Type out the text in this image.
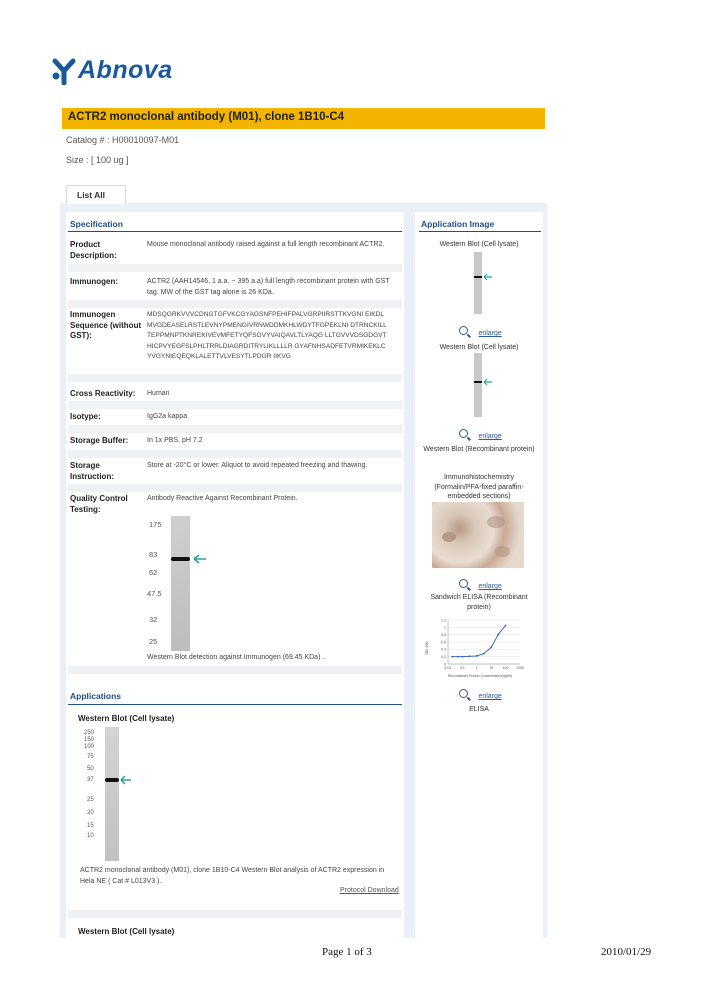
Abnova
ACTR2 monoclonal antibody (M01), clone 1B10-C4
Catalog # : H00010097-M01
Size : [ 100 ug ]
List All
Specification
Product Description:
Mouse monoclonal antibody raised against a full length recombinant ACTR2.
Immunogen:	ACTR2 (AAH14546, 1 a.a. ~ 395 a.a) full length recombinant protein with GST tag. MW of the GST tag alone is 26 KDa.
Immunogen Sequence (without GST):
MDSQGRKVVVCDNGTGFVKCGYAGSNFPEHIFPALVGRPIIRSTTKVGNI EIKDLMVGDEASELRSTLEVNYPMENGIVRNWDDMKHLWDYTFGPEKLNI DTRNCKILLTEPPMNPTKNREKIVEVMFETYQFSGVYVAIQAVLTLYAQG LLTGVVVDSGDGVTHICPVYEGFSLPHLTRRLDIAGRDITRYLIKLLLLR GYAFNHSADFETVRMIKEKLCYVGYNIEQEQKLALETTVLVESYTLPDGR IIKVG
Cross Reactivity:	Human
Isotype:	IgG2a kappa
Storage Buffer:	In 1x PBS, pH 7.2
Storage Instruction:
Store at -20°C or lower. Aliquot to avoid repeated freezing and thawing.
Quality Control Testing:
Antibody Reactive Against Recombinant Protein.
175
83
62
47.5
32
25
Western Blot detection against Immunogen (69.45 KDa) .
Applications
Western Blot (Cell lysate)
250
150
100
75
50
37
25
20
15
10
ACTR2 monoclonal antibody (M01), clone 1B10-C4 Western Blot analysis of ACTR2 expression in Hela NE ( Cat # L013V3 ).
Protocol Download
Western Blot (Cell lysate)
Application Image
Western Blot (Cell lysate)
enlarge
Western Blot (Cell lysate)
enlarge
Western Blot (Recombinant protein)
Immunohistochemistry (Formalin/PFA-fixed paraffin-embedded sections)
enlarge
Sandwich ELISA (Recombinant protein)
1.2
1
0.8
0.6
0.4
0.2
0
0.01 0.1	1	10	100 1000
OD 450
Recombinant Protein Concentration(ng/ml)
enlarge
ELISA
Page 1 of 3	2010/01/29
